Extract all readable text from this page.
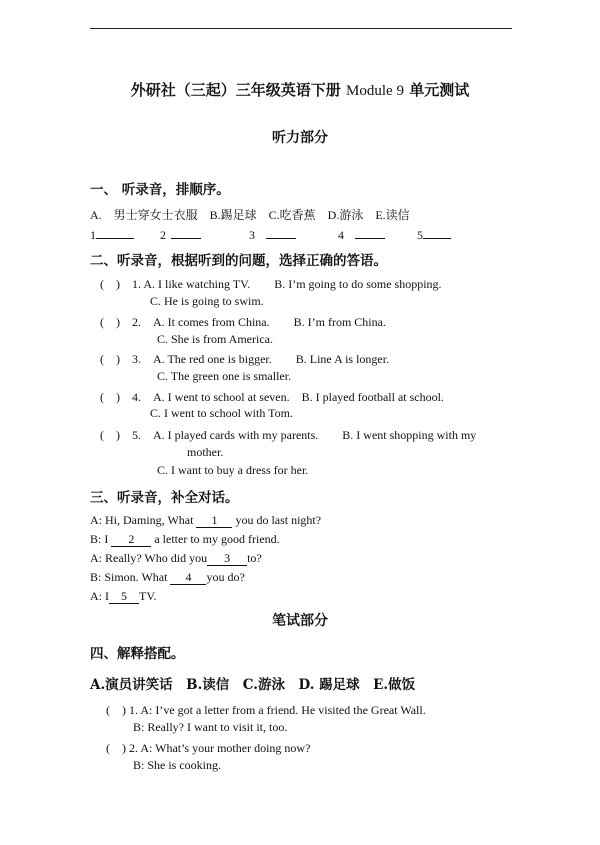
外研社（三起）三年级英语下册 Module 9 单元测试
听力部分
一、 听录音，排顺序。
A.　男士穿女士衣服　B.踢足球　C.吃香蕉　D.游泳　E.读信
1	2	3	4	5
二、听录音，根据听到的问题，选择正确的答语。
(　)　1. A. I like watching TV.　　B. I’m going to do some shopping.
C. He is going to swim.
(　)　2.　A. It comes from China.　　B. I’m from China.
C. She is from America.
(　)　3.　A. The red one is bigger.　　B. Line A is longer.
C. The green one is smaller.
(　)　4.　A. I went to school at seven.　B. I played football at school.
C. I went to school with Tom.
(　)　5.　A. I played cards with my parents.　　B. I went shopping with my
mother.
C. I want to buy a dress for her.
三、听录音，补全对话。
A: Hi, Daming, What 1 you do last night?
B: I 2 a letter to my good friend.
A: Really? Who did you 3 to?
B: Simon. What 4 you do?
A: I 5 TV.
笔试部分
四、解释搭配。
A.演员讲笑话　B.读信　C.游泳　D. 踢足球　E.做饭
(　) 1. A: I’ve got a letter from a friend. He visited the Great Wall.
B: Really? I want to visit it, too.
(　) 2. A: What’s your mother doing now?
B: She is cooking.
